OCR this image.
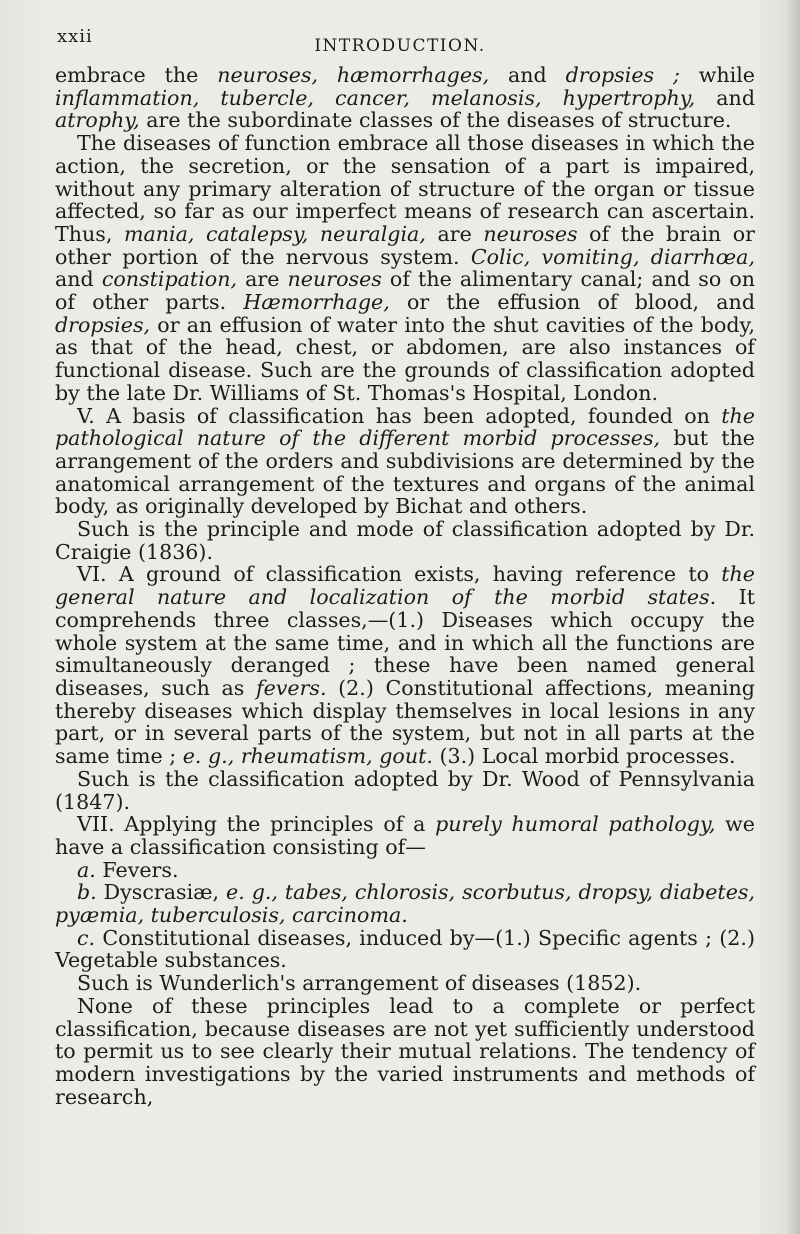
xxii	INTRODUCTION.

embrace the neuroses, hæmorrhages, and dropsies ; while inflammation, tubercle, cancer, melanosis, hypertrophy, and atrophy, are the subordinate classes of the diseases of structure.

The diseases of function embrace all those diseases in which the action, the secretion, or the sensation of a part is impaired, without any primary alteration of structure of the organ or tissue affected, so far as our imperfect means of research can ascertain. Thus, mania, catalepsy, neuralgia, are neuroses of the brain or other portion of the nervous system. Colic, vomiting, diarrhœa, and constipation, are neuroses of the alimentary canal; and so on of other parts. Hæmorrhage, or the effusion of blood, and dropsies, or an effusion of water into the shut cavities of the body, as that of the head, chest, or abdomen, are also instances of functional disease. Such are the grounds of classification adopted by the late Dr. Williams of St. Thomas's Hospital, London.

V. A basis of classification has been adopted, founded on the pathological nature of the different morbid processes, but the arrangement of the orders and subdivisions are determined by the anatomical arrangement of the textures and organs of the animal body, as originally developed by Bichat and others.

Such is the principle and mode of classification adopted by Dr. Craigie (1836).

VI. A ground of classification exists, having reference to the general nature and localization of the morbid states. It comprehends three classes,—(1.) Diseases which occupy the whole system at the same time, and in which all the functions are simultaneously deranged ; these have been named general diseases, such as fevers. (2.) Constitutional affections, meaning thereby diseases which display themselves in local lesions in any part, or in several parts of the system, but not in all parts at the same time ; e. g., rheumatism, gout. (3.) Local morbid processes.

Such is the classification adopted by Dr. Wood of Pennsylvania (1847).

VII. Applying the principles of a purely humoral pathology, we have a classification consisting of—

a. Fevers.

b. Dyscrasiæ, e. g., tabes, chlorosis, scorbutus, dropsy, diabetes, pyæmia, tuberculosis, carcinoma.

c. Constitutional diseases, induced by—(1.) Specific agents ; (2.) Vegetable substances.

Such is Wunderlich's arrangement of diseases (1852).

None of these principles lead to a complete or perfect classification, because diseases are not yet sufficiently understood to permit us to see clearly their mutual relations. The tendency of modern investigations by the varied instruments and methods of research,
